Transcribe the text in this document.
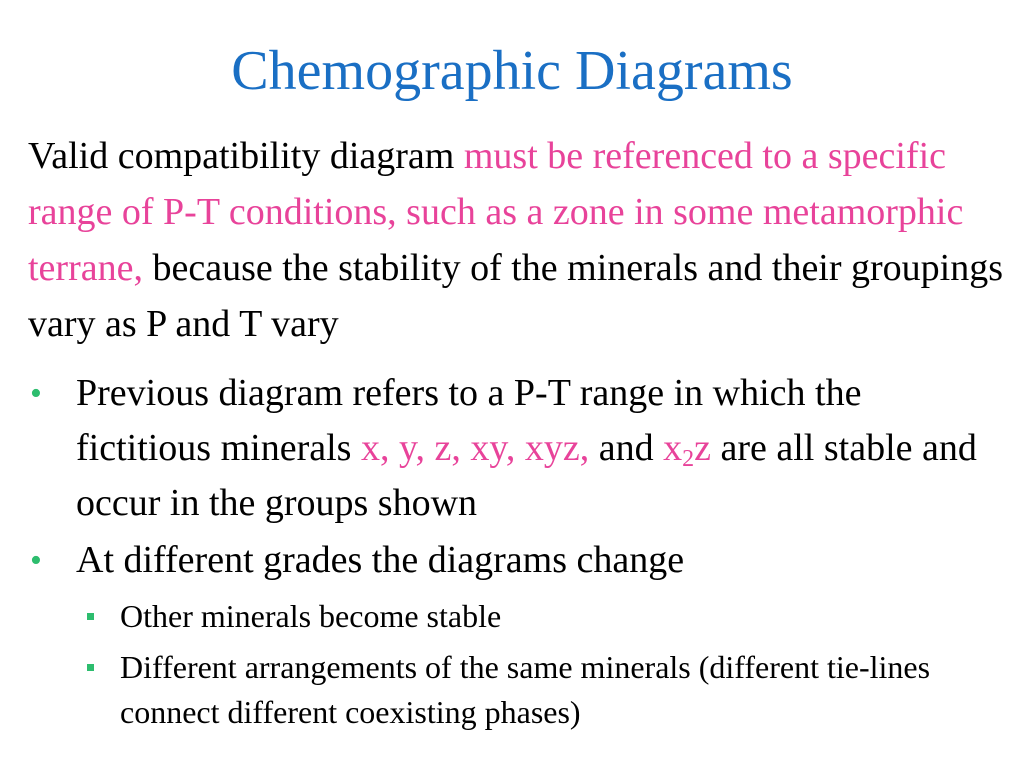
Chemographic Diagrams
Valid compatibility diagram must be referenced to a specific range of P-T conditions, such as a zone in some metamorphic terrane, because the stability of the minerals and their groupings vary as P and T vary
• Previous diagram refers to a P-T range in which the fictitious minerals x, y, z, xy, xyz, and $x_2z$ are all stable and occur in the groups shown
• At different grades the diagrams change
Other minerals become stable
Different arrangements of the same minerals (different tie-lines connect different coexisting phases)
